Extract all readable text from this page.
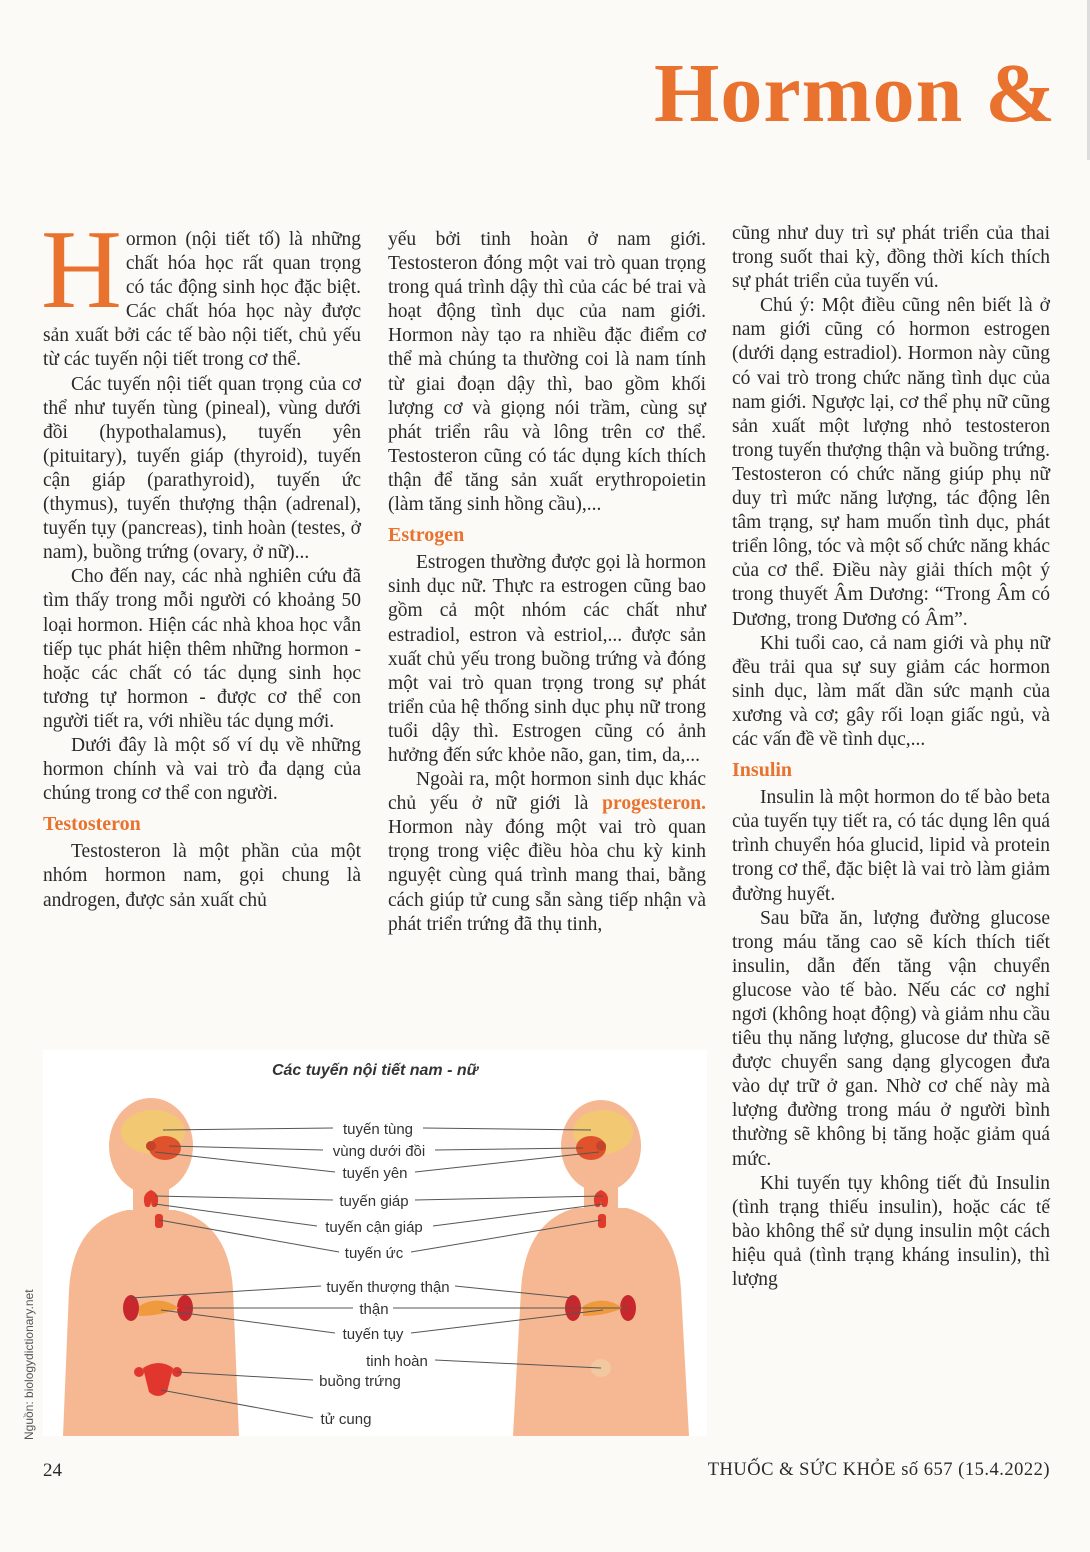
Hormon &

Hormon (nội tiết tố) là những chất hóa học rất quan trọng có tác động sinh học đặc biệt. Các chất hóa học này được sản xuất bởi các tế bào nội tiết, chủ yếu từ các tuyến nội tiết trong cơ thể.

Các tuyến nội tiết quan trọng của cơ thể như tuyến tùng (pineal), vùng dưới đồi (hypothalamus), tuyến yên (pituitary), tuyến giáp (thyroid), tuyến cận giáp (parathyroid), tuyến ức (thymus), tuyến thượng thận (adrenal), tuyến tụy (pancreas), tinh hoàn (testes, ở nam), buồng trứng (ovary, ở nữ)...

Cho đến nay, các nhà nghiên cứu đã tìm thấy trong mỗi người có khoảng 50 loại hormon. Hiện các nhà khoa học vẫn tiếp tục phát hiện thêm những hormon - hoặc các chất có tác dụng sinh học tương tự hormon - được cơ thể con người tiết ra, với nhiều tác dụng mới.

Dưới đây là một số ví dụ về những hormon chính và vai trò đa dạng của chúng trong cơ thể con người.

Testosteron

Testosteron là một phần của một nhóm hormon nam, gọi chung là androgen, được sản xuất chủ

yếu bởi tinh hoàn ở nam giới. Testosteron đóng một vai trò quan trọng trong quá trình dậy thì của các bé trai và hoạt động tình dục của nam giới. Hormon này tạo ra nhiều đặc điểm cơ thể mà chúng ta thường coi là nam tính từ giai đoạn dậy thì, bao gồm khối lượng cơ và giọng nói trầm, cùng sự phát triển râu và lông trên cơ thể. Testosteron cũng có tác dụng kích thích thận để tăng sản xuất erythropoietin (làm tăng sinh hồng cầu),...

Estrogen

Estrogen thường được gọi là hormon sinh dục nữ. Thực ra estrogen cũng bao gồm cả một nhóm các chất như estradiol, estron và estriol,... được sản xuất chủ yếu trong buồng trứng và đóng một vai trò quan trọng trong sự phát triển của hệ thống sinh dục phụ nữ trong tuổi dậy thì. Estrogen cũng có ảnh hưởng đến sức khỏe não, gan, tim, da,...

Ngoài ra, một hormon sinh dục khác chủ yếu ở nữ giới là progesteron. Hormon này đóng một vai trò quan trọng trong việc điều hòa chu kỳ kinh nguyệt cùng quá trình mang thai, bằng cách giúp tử cung sẵn sàng tiếp nhận và phát triển trứng đã thụ tinh,

cũng như duy trì sự phát triển của thai trong suốt thai kỳ, đồng thời kích thích sự phát triển của tuyến vú.

Chú ý: Một điều cũng nên biết là ở nam giới cũng có hormon estrogen (dưới dạng estradiol). Hormon này cũng có vai trò trong chức năng tình dục của nam giới. Ngược lại, cơ thể phụ nữ cũng sản xuất một lượng nhỏ testosteron trong tuyến thượng thận và buồng trứng. Testosteron có chức năng giúp phụ nữ duy trì mức năng lượng, tác động lên tâm trạng, sự ham muốn tình dục, phát triển lông, tóc và một số chức năng khác của cơ thể. Điều này giải thích một ý trong thuyết Âm Dương: “Trong Âm có Dương, trong Dương có Âm”.

Khi tuổi cao, cả nam giới và phụ nữ đều trải qua sự suy giảm các hormon sinh dục, làm mất dần sức mạnh của xương và cơ; gây rối loạn giấc ngủ, và các vấn đề về tình dục,...

Insulin

Insulin là một hormon do tế bào beta của tuyến tụy tiết ra, có tác dụng lên quá trình chuyển hóa glucid, lipid và protein trong cơ thể, đặc biệt là vai trò làm giảm đường huyết.

Sau bữa ăn, lượng đường glucose trong máu tăng cao sẽ kích thích tiết insulin, dẫn đến tăng vận chuyển glucose vào tế bào. Nếu các cơ nghỉ ngơi (không hoạt động) và giảm nhu cầu tiêu thụ năng lượng, glucose dư thừa sẽ được chuyển sang dạng glycogen đưa vào dự trữ ở gan. Nhờ cơ chế này mà lượng đường trong máu ở người bình thường sẽ không bị tăng hoặc giảm quá mức.

Khi tuyến tụy không tiết đủ Insulin (tình trạng thiếu insulin), hoặc các tế bào không thể sử dụng insulin một cách hiệu quả (tình trạng kháng insulin), thì lượng

Các tuyến nội tiết nam - nữ
tuyến tùng
vùng dưới đồi
tuyến yên
tuyến giáp
tuyến cận giáp
tuyến ức
tuyến thượng thận
thận
tuyến tụy
tinh hoàn
buồng trứng
tử cung
Nguồn: biologydictionary.net
24	THUỐC & SỨC KHỎE số 657 (15.4.2022)
